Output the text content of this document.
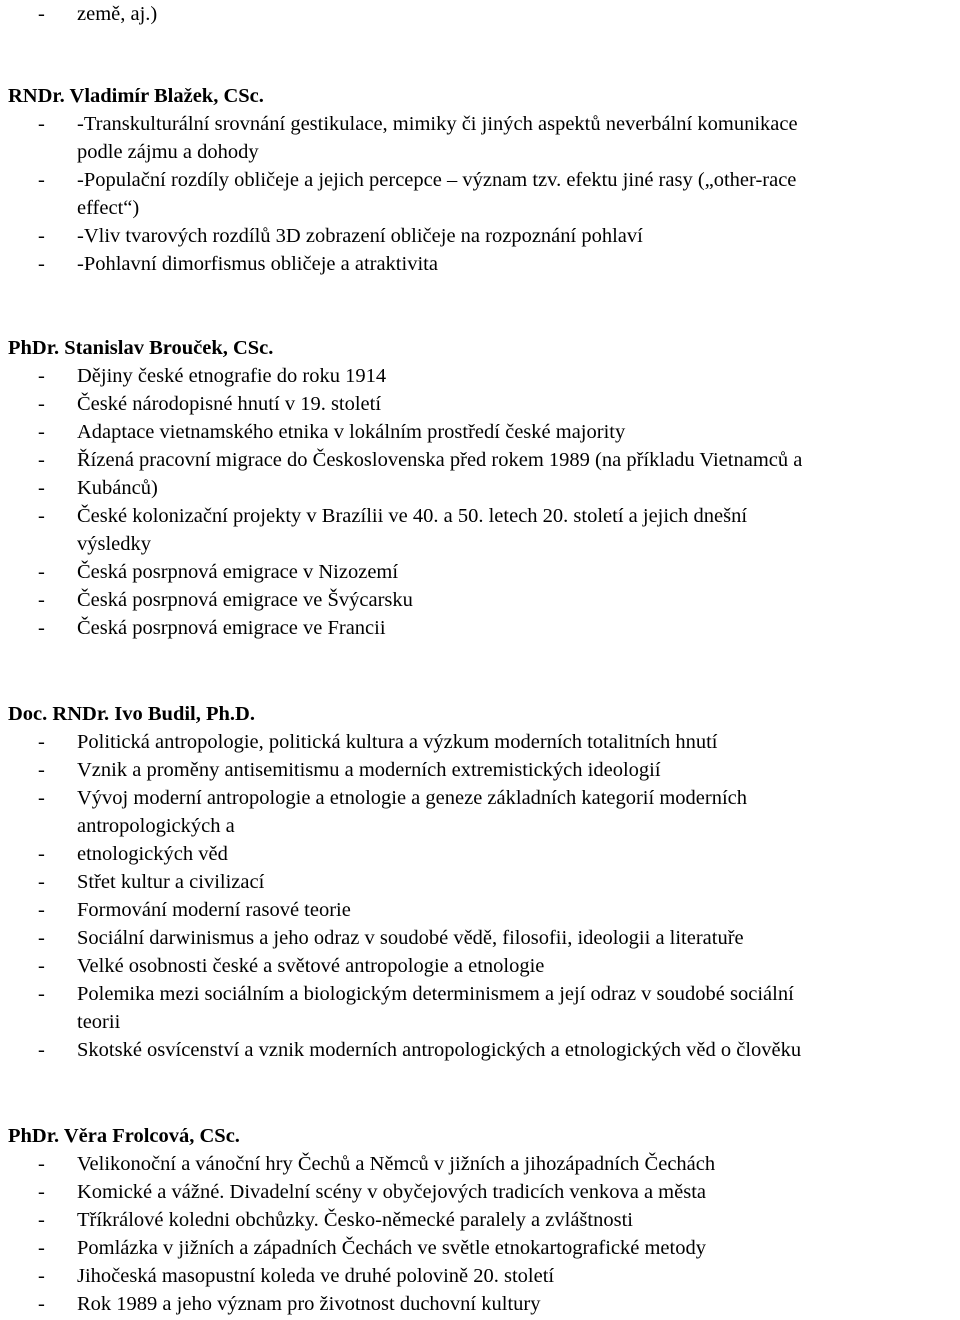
- země, aj.)
RNDr. Vladimír Blažek, CSc.
- -Transkulturální srovnání gestikulace, mimiky či jiných aspektů neverbální komunikace
podle zájmu a dohody
- -Populační rozdíly obličeje a jejich percepce – význam tzv. efektu jiné rasy („other-race
effect“)
- -Vliv tvarových rozdílů 3D zobrazení obličeje na rozpoznání pohlaví
- -Pohlavní dimorfismus obličeje a atraktivita
PhDr. Stanislav Brouček, CSc.
- Dějiny české etnografie do roku 1914
- České národopisné hnutí v 19. století
- Adaptace vietnamského etnika v lokálním prostředí české majority
- Řízená pracovní migrace do Československa před rokem 1989 (na příkladu Vietnamců a
- Kubánců)
- České kolonizační projekty v Brazílii ve 40. a 50. letech 20. století a jejich dnešní
výsledky
- Česká posrpnová emigrace v Nizozemí
- Česká posrpnová emigrace ve Švýcarsku
- Česká posrpnová emigrace ve Francii
Doc. RNDr. Ivo Budil, Ph.D.
- Politická antropologie, politická kultura a výzkum moderních totalitních hnutí
- Vznik a proměny antisemitismu a moderních extremistických ideologií
- Vývoj moderní antropologie a etnologie a geneze základních kategorií moderních
antropologických a
- etnologických věd
- Střet kultur a civilizací
- Formování moderní rasové teorie
- Sociální darwinismus a jeho odraz v soudobé vědě, filosofii, ideologii a literatuře
- Velké osobnosti české a světové antropologie a etnologie
- Polemika mezi sociálním a biologickým determinismem a její odraz v soudobé sociální
teorii
- Skotské osvícenství a vznik moderních antropologických a etnologických věd o člověku
PhDr. Věra Frolcová, CSc.
- Velikonoční a vánoční hry Čechů a Němců v jižních a jihozápadních Čechách
- Komické a vážné. Divadelní scény v obyčejových tradicích venkova a města
- Tříkrálové koledni obchůzky. Česko-německé paralely a zvláštnosti
- Pomlázka v jižních a západních Čechách ve světle etnokartografické metody
- Jihočeská masopustní koleda ve druhé polovině 20. století
- Rok 1989 a jeho význam pro životnost duchovní kultury
